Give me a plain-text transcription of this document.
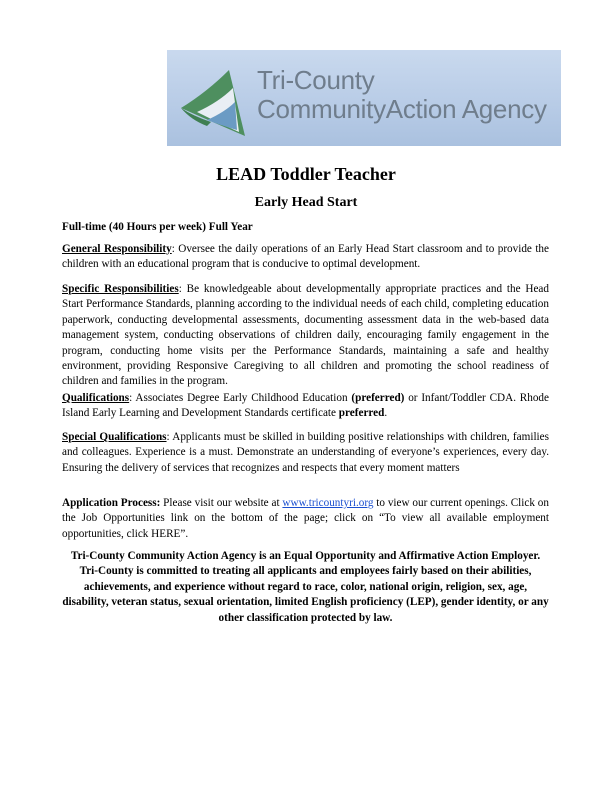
Tri-County
CommunityAction Agency
LEAD Toddler Teacher
Early Head Start
Full-time (40 Hours per week) Full Year
General Responsibility: Oversee the daily operations of an Early Head Start classroom and to provide the children with an educational program that is conducive to optimal development.
Specific Responsibilities: Be knowledgeable about developmentally appropriate practices and the Head Start Performance Standards, planning according to the individual needs of each child, completing education paperwork, conducting developmental assessments, documenting assessment data in the web-based data management system, conducting observations of children daily, encouraging family engagement in the program, conducting home visits per the Performance Standards, maintaining a safe and healthy environment, providing Responsive Caregiving to all children and promoting the school readiness of children and families in the program.
Qualifications: Associates Degree Early Childhood Education (preferred) or Infant/Toddler CDA. Rhode Island Early Learning and Development Standards certificate preferred.
Special Qualifications: Applicants must be skilled in building positive relationships with children, families and colleagues. Experience is a must. Demonstrate an understanding of everyone’s experiences, every day. Ensuring the delivery of services that recognizes and respects that every moment matters
Application Process: Please visit our website at www.tricountyri.org to view our current openings. Click on the Job Opportunities link on the bottom of the page; click on “To view all available employment opportunities, click HERE”.
Tri-County Community Action Agency is an Equal Opportunity and Affirmative Action Employer. Tri-County is committed to treating all applicants and employees fairly based on their abilities, achievements, and experience without regard to race, color, national origin, religion, sex, age, disability, veteran status, sexual orientation, limited English proficiency (LEP), gender identity, or any other classification protected by law.
